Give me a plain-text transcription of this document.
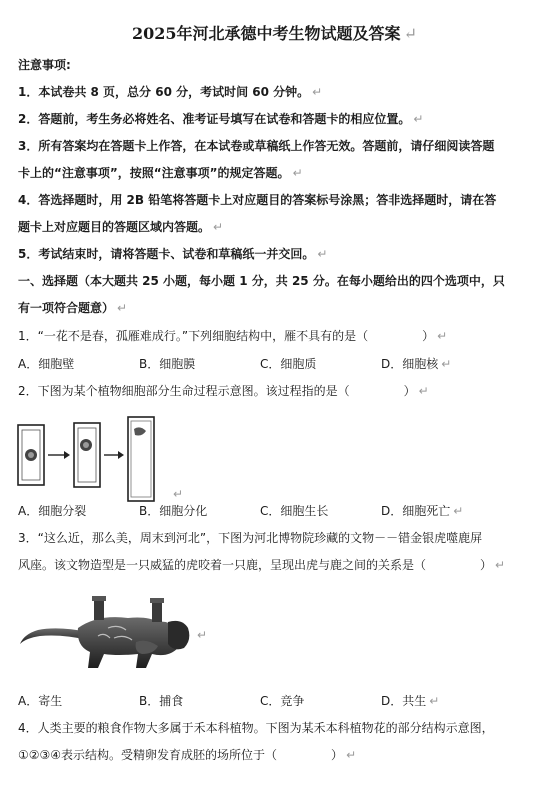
2025年河北承德中考生物试题及答案 ↵
注意事项:
1．本试卷共 8 页，总分 60 分，考试时间 60 分钟。 ↵
2．答题前，考生务必将姓名、准考证号填写在试卷和答题卡的相应位置。 ↵
3．所有答案均在答题卡上作答，在本试卷或草稿纸上作答无效。答题前，请仔细阅读答题
卡上的“注意事项”，按照“注意事项”的规定答题。 ↵
4．答选择题时，用 2B 铅笔将答题卡上对应题目的答案标号涂黑；答非选择题时，请在答
题卡上对应题目的答题区域内答题。 ↵
5．考试结束时，请将答题卡、试卷和草稿纸一并交回。 ↵
一、选择题（本大题共 25 小题，每小题 1 分，共 25 分。在每小题给出的四个选项中，只
有一项符合题意） ↵
1．“一花不是春，孤雁难成行。”下列细胞结构中，雁不具有的是（	） ↵
A．细胞壁	B．细胞膜	C．细胞质	D．细胞核 ↵
2．下图为某个植物细胞部分生命过程示意图。该过程指的是（	） ↵
↵
A．细胞分裂	B．细胞分化	C．细胞生长	D．细胞死亡 ↵
3．“这么近，那么美，周末到河北”，下图为河北博物院珍藏的文物－－错金银虎噬鹿屏
风座。该文物造型是一只威猛的虎咬着一只鹿，呈现出虎与鹿之间的关系是（	） ↵
↵
A．寄生	B．捕食	C．竞争	D．共生 ↵
4．人类主要的粮食作物大多属于禾本科植物。下图为某禾本科植物花的部分结构示意图，
①②③④表示结构。受精卵发育成胚的场所位于（	） ↵
